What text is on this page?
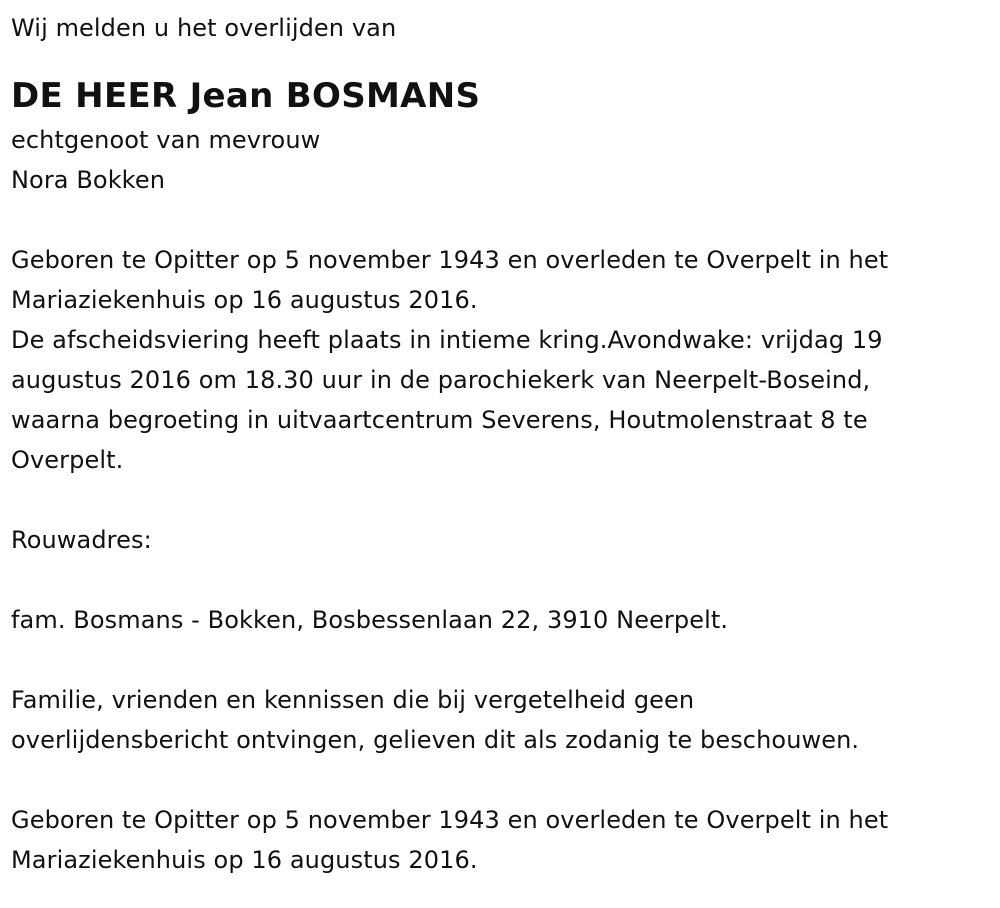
Wij melden u het overlijden van

DE HEER Jean BOSMANS

echtgenoot van mevrouw

Nora Bokken

Geboren te Opitter op 5 november 1943 en overleden te Overpelt in het

Mariaziekenhuis op 16 augustus 2016.

De afscheidsviering heeft plaats in intieme kring.Avondwake: vrijdag 19

augustus 2016 om 18.30 uur in de parochiekerk van Neerpelt-Boseind,

waarna begroeting in uitvaartcentrum Severens, Houtmolenstraat 8 te

Overpelt.

Rouwadres:

fam. Bosmans - Bokken, Bosbessenlaan 22, 3910 Neerpelt.

Familie, vrienden en kennissen die bij vergetelheid geen

overlijdensbericht ontvingen, gelieven dit als zodanig te beschouwen.

Geboren te Opitter op 5 november 1943 en overleden te Overpelt in het

Mariaziekenhuis op 16 augustus 2016.
